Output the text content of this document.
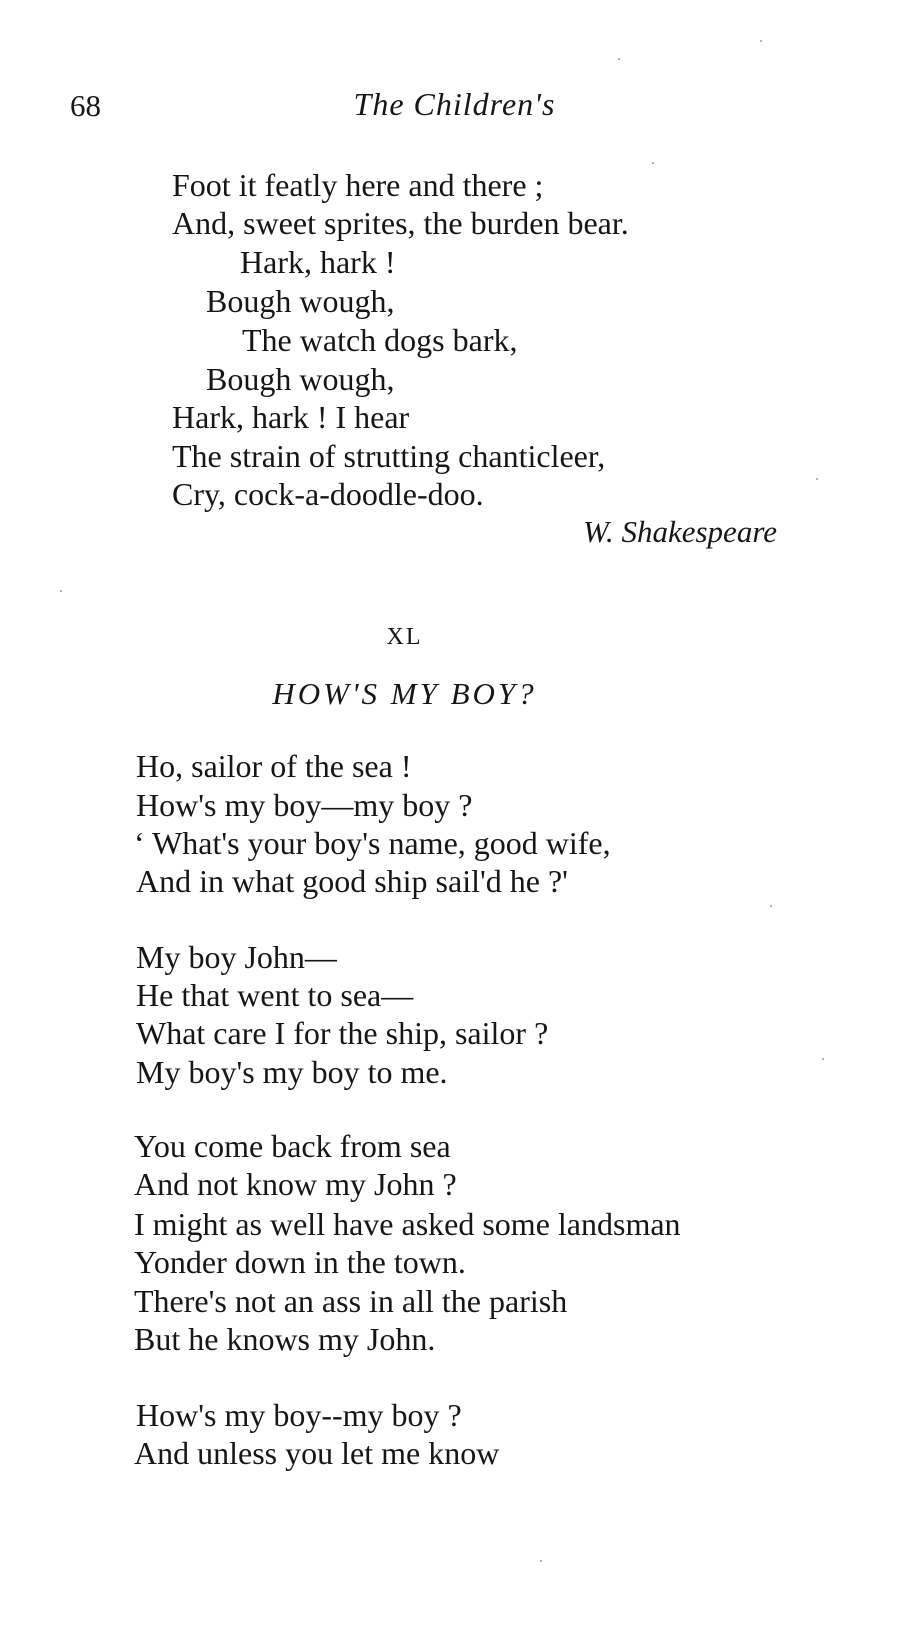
68	The Children's
Foot it featly here and there ;
And, sweet sprites, the burden bear.
Hark, hark !
Bough wough,
The watch dogs bark,
Bough wough,
Hark, hark ! I hear
The strain of strutting chanticleer,
Cry, cock-a-doodle-doo.
W. Shakespeare
XL
HOW'S MY BOY?
Ho, sailor of the sea !
How's my boy—my boy ?
‘ What's your boy's name, good wife,
And in what good ship sail'd he ?'
My boy John—
He that went to sea—
What care I for the ship, sailor ?
My boy's my boy to me.
You come back from sea
And not know my John ?
I might as well have asked some landsman
Yonder down in the town.
There's not an ass in all the parish
But he knows my John.
How's my boy--my boy ?
And unless you let me know
